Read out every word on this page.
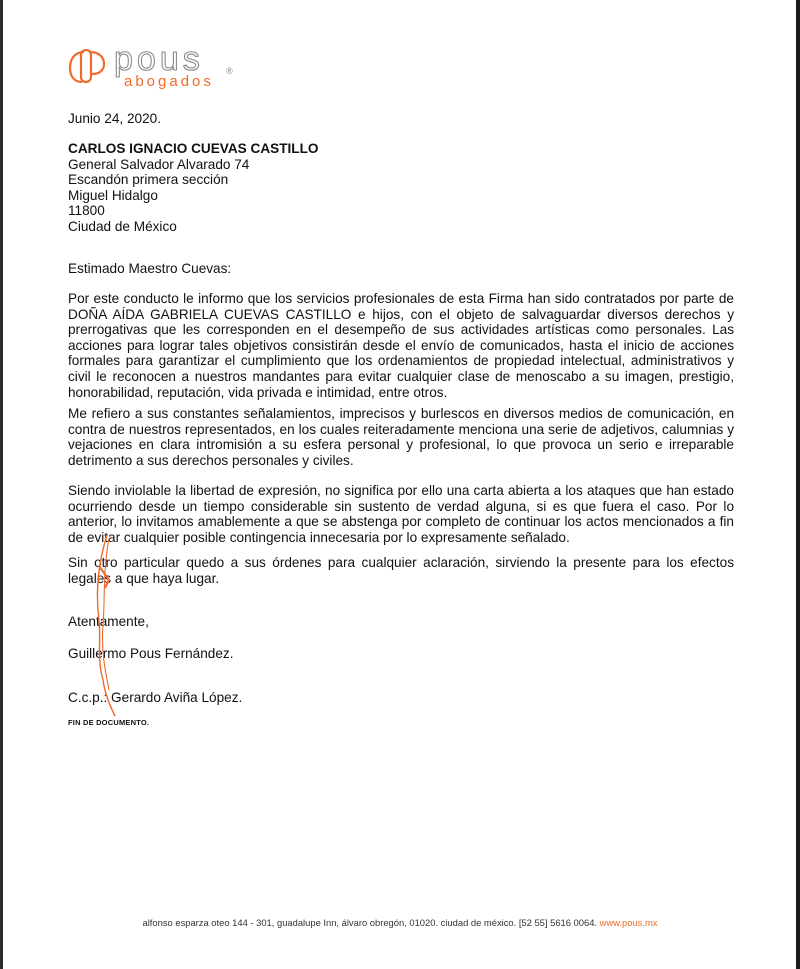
pous ®
abogados
Junio 24, 2020.
CARLOS IGNACIO CUEVAS CASTILLO
General Salvador Alvarado 74
Escandón primera sección
Miguel Hidalgo
11800
Ciudad de México
Estimado Maestro Cuevas:

Por este conducto le informo que los servicios profesionales de esta Firma han sido contratados por parte de DOÑA AÍDA GABRIELA CUEVAS CASTILLO e hijos, con el objeto de salvaguardar diversos derechos y prerrogativas que les corresponden en el desempeño de sus actividades artísticas como personales. Las acciones para lograr tales objetivos consistirán desde el envío de comunicados, hasta el inicio de acciones formales para garantizar el cumplimiento que los ordenamientos de propiedad intelectual, administrativos y civil le reconocen a nuestros mandantes para evitar cualquier clase de menoscabo a su imagen, prestigio, honorabilidad, reputación, vida privada e intimidad, entre otros.

Me refiero a sus constantes señalamientos, imprecisos y burlescos en diversos medios de comunicación, en contra de nuestros representados, en los cuales reiteradamente menciona una serie de adjetivos, calumnias y vejaciones en clara intromisión a su esfera personal y profesional, lo que provoca un serio e irreparable detrimento a sus derechos personales y civiles.

Siendo inviolable la libertad de expresión, no significa por ello una carta abierta a los ataques que han estado ocurriendo desde un tiempo considerable sin sustento de verdad alguna, si es que fuera el caso. Por lo anterior, lo invitamos amablemente a que se abstenga por completo de continuar los actos mencionados a fin de evitar cualquier posible contingencia innecesaria por lo expresamente señalado.

Sin otro particular quedo a sus órdenes para cualquier aclaración, sirviendo la presente para los efectos legales a que haya lugar.

Atentamente,
Guillermo Pous Fernández.
C.c.p.: Gerardo Aviña López.
FIN DE DOCUMENTO.
alfonso esparza oteo 144 - 301, guadalupe Inn, álvaro obregón, 01020. ciudad de méxico. [52 55] 5616 0064. www.pous.mx
